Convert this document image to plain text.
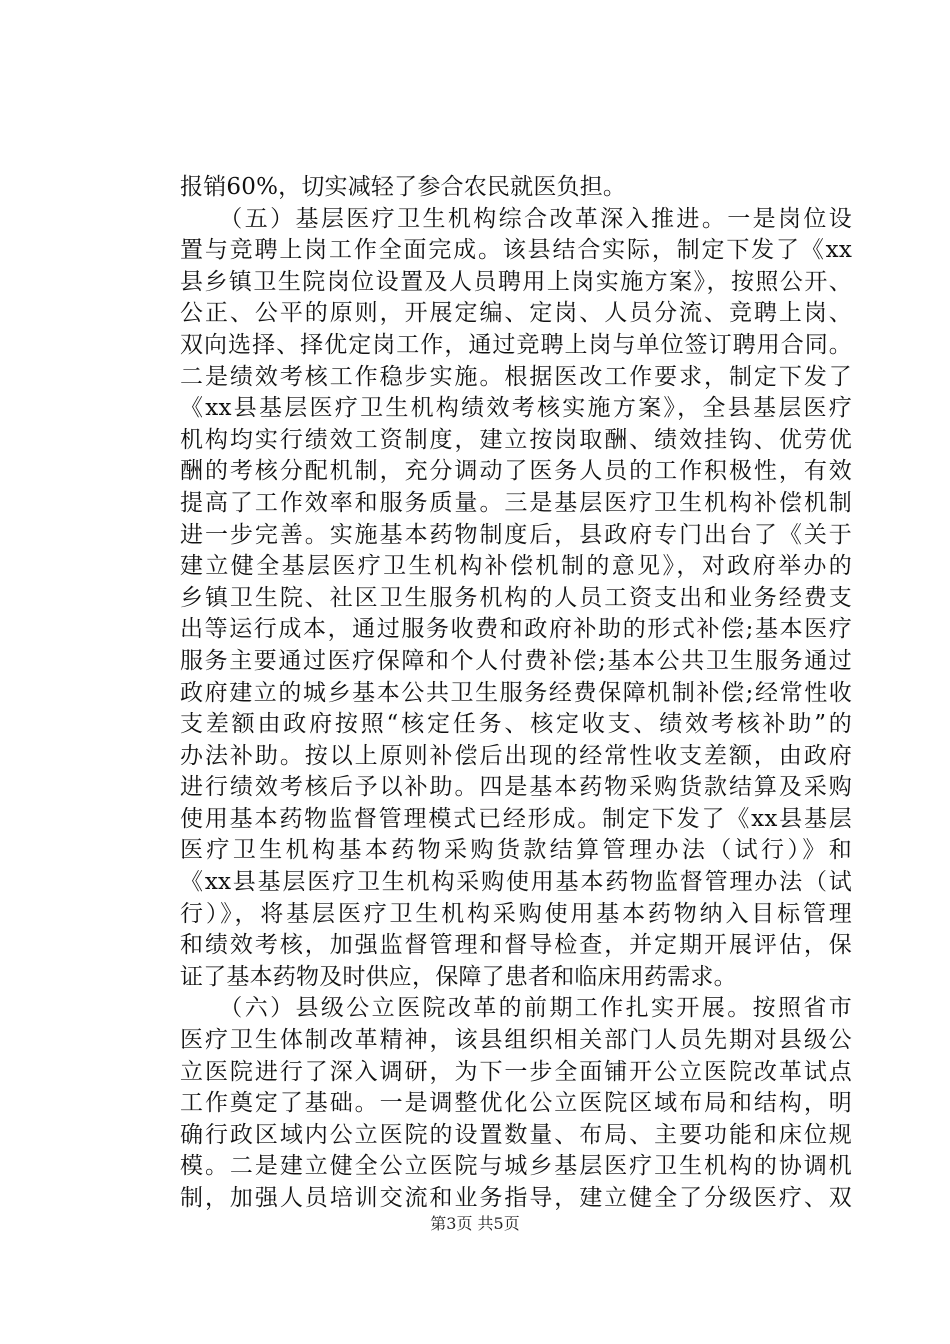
报销60%，切实减轻了参合农民就医负担。
　　（五）基层医疗卫生机构综合改革深入推进。一是岗位设
置与竞聘上岗工作全面完成。该县结合实际，制定下发了《xx
县乡镇卫生院岗位设置及人员聘用上岗实施方案》，按照公开、
公正、公平的原则，开展定编、定岗、人员分流、竞聘上岗、
双向选择、择优定岗工作，通过竞聘上岗与单位签订聘用合同。
二是绩效考核工作稳步实施。根据医改工作要求，制定下发了
《xx县基层医疗卫生机构绩效考核实施方案》，全县基层医疗
机构均实行绩效工资制度，建立按岗取酬、绩效挂钩、优劳优
酬的考核分配机制，充分调动了医务人员的工作积极性，有效
提高了工作效率和服务质量。三是基层医疗卫生机构补偿机制
进一步完善。实施基本药物制度后，县政府专门出台了《关于
建立健全基层医疗卫生机构补偿机制的意见》，对政府举办的
乡镇卫生院、社区卫生服务机构的人员工资支出和业务经费支
出等运行成本，通过服务收费和政府补助的形式补偿;基本医疗
服务主要通过医疗保障和个人付费补偿;基本公共卫生服务通过
政府建立的城乡基本公共卫生服务经费保障机制补偿;经常性收
支差额由政府按照“核定任务、核定收支、绩效考核补助”的
办法补助。按以上原则补偿后出现的经常性收支差额，由政府
进行绩效考核后予以补助。四是基本药物采购货款结算及采购
使用基本药物监督管理模式已经形成。制定下发了《xx县基层
医疗卫生机构基本药物采购货款结算管理办法（试行）》和
《xx县基层医疗卫生机构采购使用基本药物监督管理办法（试
行）》，将基层医疗卫生机构采购使用基本药物纳入目标管理
和绩效考核，加强监督管理和督导检查，并定期开展评估，保
证了基本药物及时供应，保障了患者和临床用药需求。
　　（六）县级公立医院改革的前期工作扎实开展。按照省市
医疗卫生体制改革精神，该县组织相关部门人员先期对县级公
立医院进行了深入调研，为下一步全面铺开公立医院改革试点
工作奠定了基础。一是调整优化公立医院区域布局和结构，明
确行政区域内公立医院的设置数量、布局、主要功能和床位规
模。二是建立健全公立医院与城乡基层医疗卫生机构的协调机
制，加强人员培训交流和业务指导，建立健全了分级医疗、双
第3页 共5页
